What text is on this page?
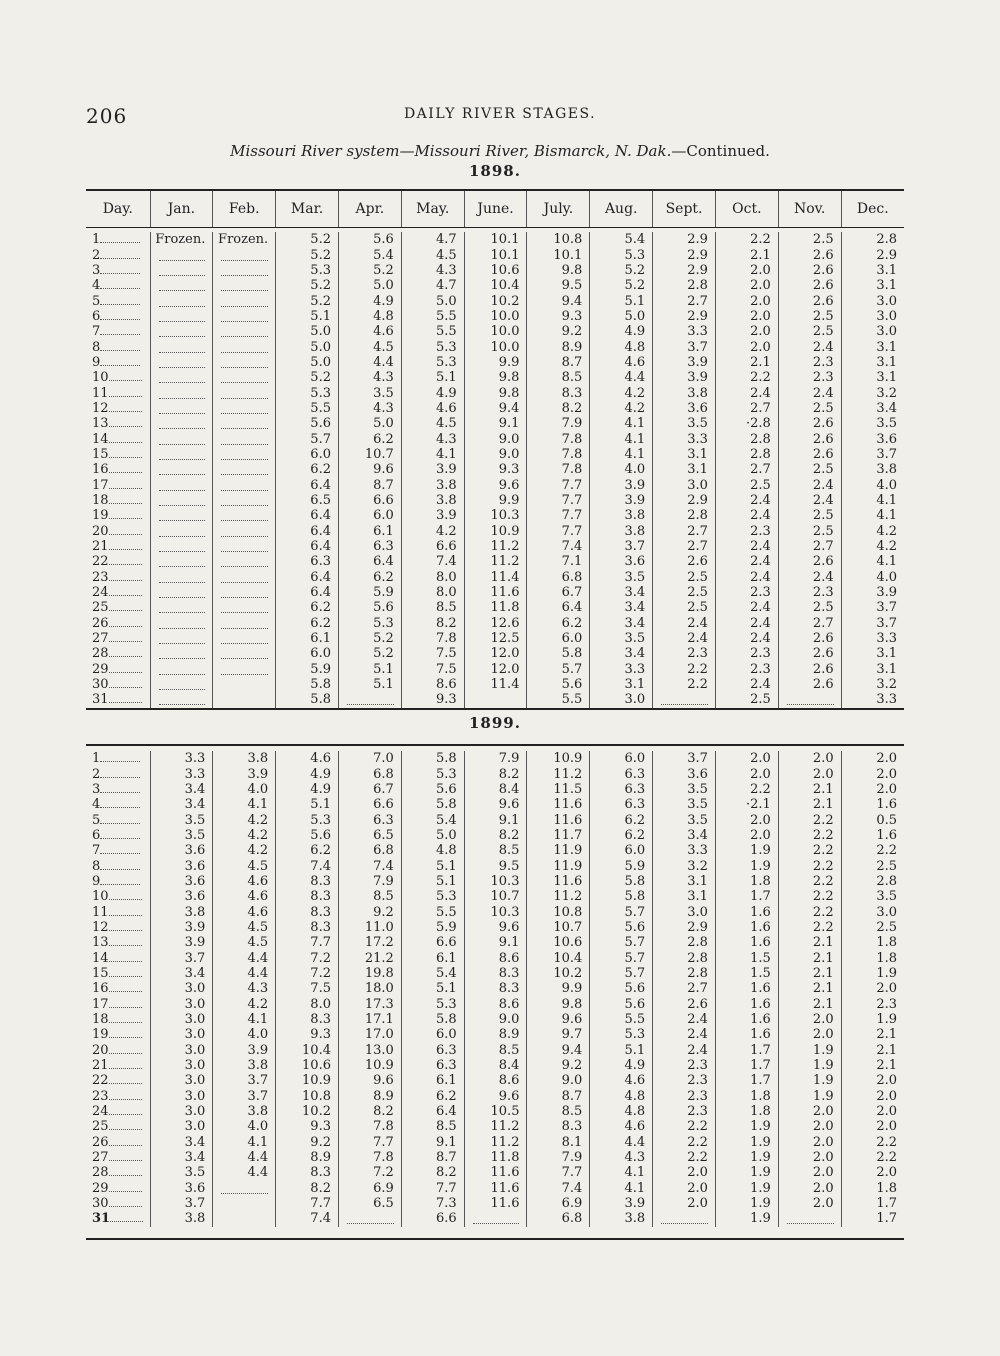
206	DAILY RIVER STAGES.
Missouri River system—Missouri River, Bismarck, N. Dak.—Continued.
1898.
Day.	Jan.	Feb.	Mar.	Apr.	May.	June.	July.	Aug.	Sept.	Oct.	Nov.	Dec.
1	Frozen.	Frozen.	5.2	5.6	4.7	10.1	10.8	5.4	2.9	2.2	2.5	2.8
2			5.2	5.4	4.5	10.1	10.1	5.3	2.9	2.1	2.6	2.9
3			5.3	5.2	4.3	10.6	9.8	5.2	2.9	2.0	2.6	3.1
4			5.2	5.0	4.7	10.4	9.5	5.2	2.8	2.0	2.6	3.1
5			5.2	4.9	5.0	10.2	9.4	5.1	2.7	2.0	2.6	3.0
6			5.1	4.8	5.5	10.0	9.3	5.0	2.9	2.0	2.5	3.0
7			5.0	4.6	5.5	10.0	9.2	4.9	3.3	2.0	2.5	3.0
8			5.0	4.5	5.3	10.0	8.9	4.8	3.7	2.0	2.4	3.1
9			5.0	4.4	5.3	9.9	8.7	4.6	3.9	2.1	2.3	3.1
10			5.2	4.3	5.1	9.8	8.5	4.4	3.9	2.2	2.3	3.1
11			5.3	3.5	4.9	9.8	8.3	4.2	3.8	2.4	2.4	3.2
12			5.5	4.3	4.6	9.4	8.2	4.2	3.6	2.7	2.5	3.4
13			5.6	5.0	4.5	9.1	7.9	4.1	3.5	·2.8	2.6	3.5
14			5.7	6.2	4.3	9.0	7.8	4.1	3.3	2.8	2.6	3.6
15			6.0	10.7	4.1	9.0	7.8	4.1	3.1	2.8	2.6	3.7
16			6.2	9.6	3.9	9.3	7.8	4.0	3.1	2.7	2.5	3.8
17			6.4	8.7	3.8	9.6	7.7	3.9	3.0	2.5	2.4	4.0
18			6.5	6.6	3.8	9.9	7.7	3.9	2.9	2.4	2.4	4.1
19			6.4	6.0	3.9	10.3	7.7	3.8	2.8	2.4	2.5	4.1
20			6.4	6.1	4.2	10.9	7.7	3.8	2.7	2.3	2.5	4.2
21			6.4	6.3	6.6	11.2	7.4	3.7	2.7	2.4	2.7	4.2
22			6.3	6.4	7.4	11.2	7.1	3.6	2.6	2.4	2.6	4.1
23			6.4	6.2	8.0	11.4	6.8	3.5	2.5	2.4	2.4	4.0
24			6.4	5.9	8.0	11.6	6.7	3.4	2.5	2.3	2.3	3.9
25			6.2	5.6	8.5	11.8	6.4	3.4	2.5	2.4	2.5	3.7
26			6.2	5.3	8.2	12.6	6.2	3.4	2.4	2.4	2.7	3.7
27			6.1	5.2	7.8	12.5	6.0	3.5	2.4	2.4	2.6	3.3
28			6.0	5.2	7.5	12.0	5.8	3.4	2.3	2.3	2.6	3.1
29			5.9	5.1	7.5	12.0	5.7	3.3	2.2	2.3	2.6	3.1
30			5.8	5.1	8.6	11.4	5.6	3.1	2.2	2.4	2.6	3.2
31			5.8		9.3		5.5	3.0		2.5		3.3
1899.
1	3.3	3.8	4.6	7.0	5.8	7.9	10.9	6.0	3.7	2.0	2.0	2.0
2	3.3	3.9	4.9	6.8	5.3	8.2	11.2	6.3	3.6	2.0	2.0	2.0
3	3.4	4.0	4.9	6.7	5.6	8.4	11.5	6.3	3.5	2.2	2.1	2.0
4	3.4	4.1	5.1	6.6	5.8	9.6	11.6	6.3	3.5	·2.1	2.1	1.6
5	3.5	4.2	5.3	6.3	5.4	9.1	11.6	6.2	3.5	2.0	2.2	0.5
6	3.5	4.2	5.6	6.5	5.0	8.2	11.7	6.2	3.4	2.0	2.2	1.6
7	3.6	4.2	6.2	6.8	4.8	8.5	11.9	6.0	3.3	1.9	2.2	2.2
8	3.6	4.5	7.4	7.4	5.1	9.5	11.9	5.9	3.2	1.9	2.2	2.5
9	3.6	4.6	8.3	7.9	5.1	10.3	11.6	5.8	3.1	1.8	2.2	2.8
10	3.6	4.6	8.3	8.5	5.3	10.7	11.2	5.8	3.1	1.7	2.2	3.5
11	3.8	4.6	8.3	9.2	5.5	10.3	10.8	5.7	3.0	1.6	2.2	3.0
12	3.9	4.5	8.3	11.0	5.9	9.6	10.7	5.6	2.9	1.6	2.2	2.5
13	3.9	4.5	7.7	17.2	6.6	9.1	10.6	5.7	2.8	1.6	2.1	1.8
14	3.7	4.4	7.2	21.2	6.1	8.6	10.4	5.7	2.8	1.5	2.1	1.8
15	3.4	4.4	7.2	19.8	5.4	8.3	10.2	5.7	2.8	1.5	2.1	1.9
16	3.0	4.3	7.5	18.0	5.1	8.3	9.9	5.6	2.7	1.6	2.1	2.0
17	3.0	4.2	8.0	17.3	5.3	8.6	9.8	5.6	2.6	1.6	2.1	2.3
18	3.0	4.1	8.3	17.1	5.8	9.0	9.6	5.5	2.4	1.6	2.0	1.9
19	3.0	4.0	9.3	17.0	6.0	8.9	9.7	5.3	2.4	1.6	2.0	2.1
20	3.0	3.9	10.4	13.0	6.3	8.5	9.4	5.1	2.4	1.7	1.9	2.1
21	3.0	3.8	10.6	10.9	6.3	8.4	9.2	4.9	2.3	1.7	1.9	2.1
22	3.0	3.7	10.9	9.6	6.1	8.6	9.0	4.6	2.3	1.7	1.9	2.0
23	3.0	3.7	10.8	8.9	6.2	9.6	8.7	4.8	2.3	1.8	1.9	2.0
24	3.0	3.8	10.2	8.2	6.4	10.5	8.5	4.8	2.3	1.8	2.0	2.0
25	3.0	4.0	9.3	7.8	8.5	11.2	8.3	4.6	2.2	1.9	2.0	2.0
26	3.4	4.1	9.2	7.7	9.1	11.2	8.1	4.4	2.2	1.9	2.0	2.2
27	3.4	4.4	8.9	7.8	8.7	11.8	7.9	4.3	2.2	1.9	2.0	2.2
28	3.5	4.4	8.3	7.2	8.2	11.6	7.7	4.1	2.0	1.9	2.0	2.0
29	3.6		8.2	6.9	7.7	11.6	7.4	4.1	2.0	1.9	2.0	1.8
30	3.7		7.7	6.5	7.3	11.6	6.9	3.9	2.0	1.9	2.0	1.7
31	3.8		7.4		6.6		6.8	3.8		1.9		1.7
